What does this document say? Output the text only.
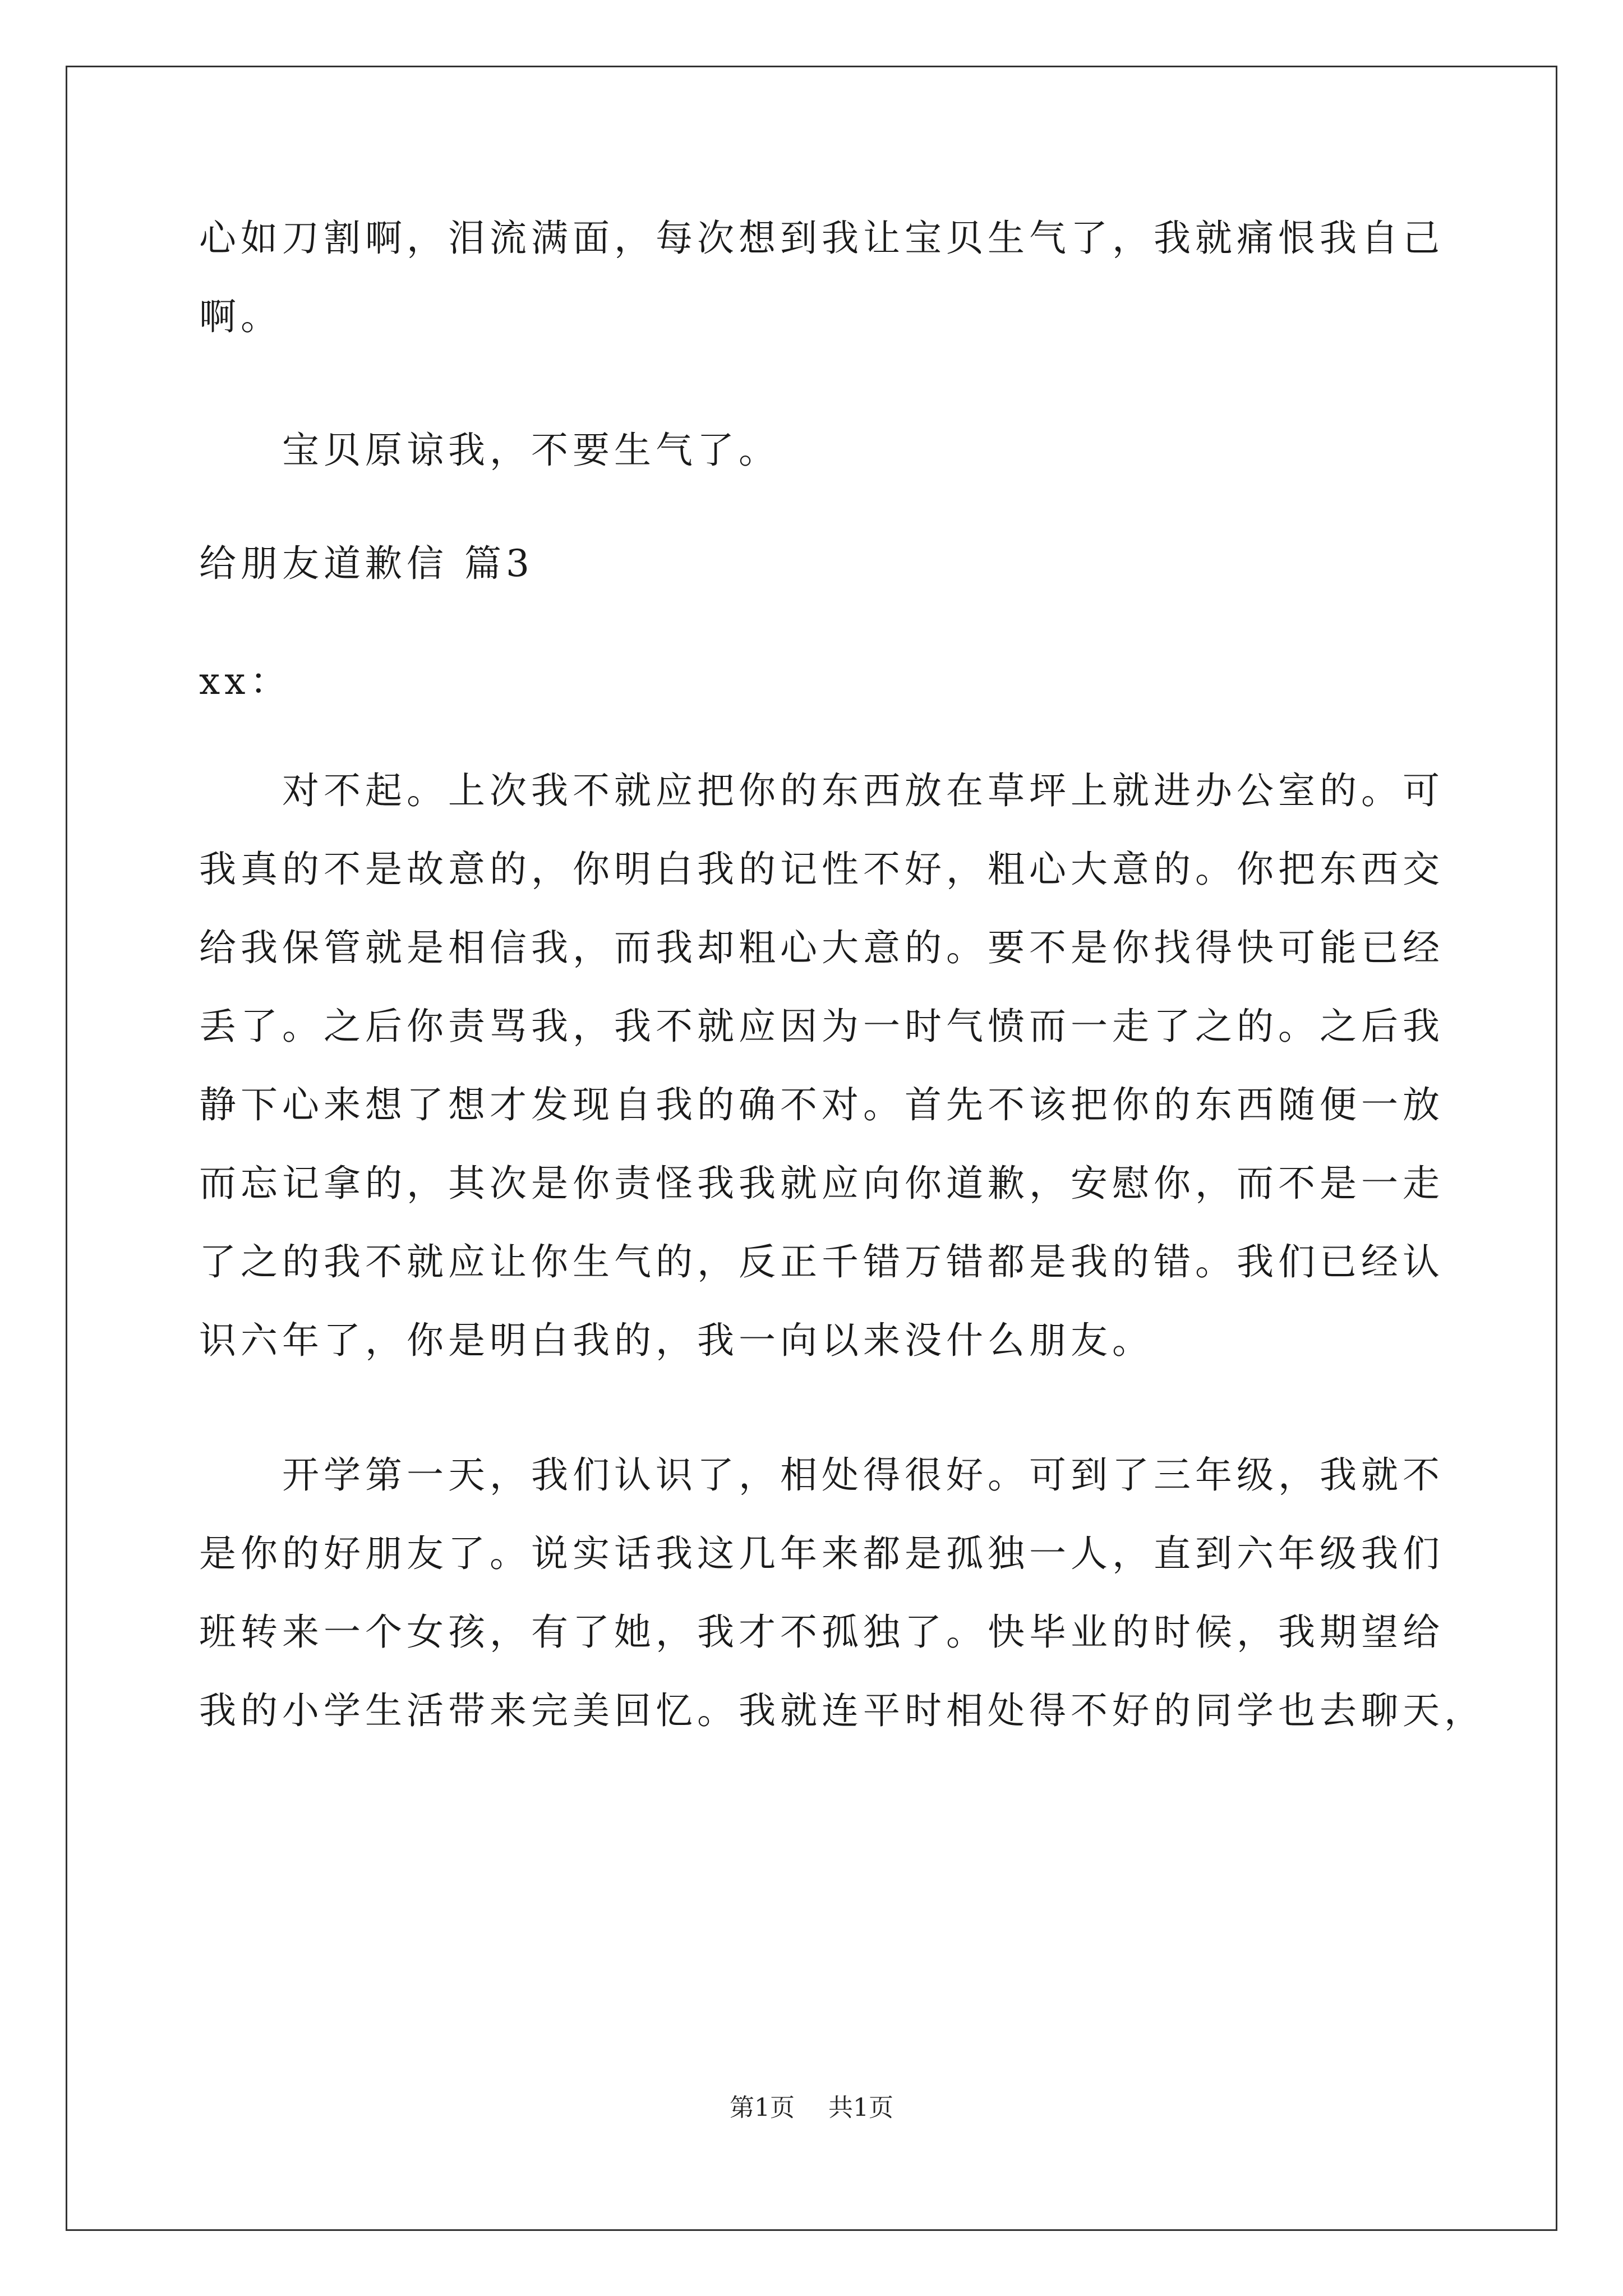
心如刀割啊，泪流满面，每次想到我让宝贝生气了，我就痛恨我自己
啊。
宝贝原谅我，不要生气了。
给朋友道歉信 篇3
xx：
对不起。上次我不就应把你的东西放在草坪上就进办公室的。可
我真的不是故意的，你明白我的记性不好，粗心大意的。你把东西交
给我保管就是相信我，而我却粗心大意的。要不是你找得快可能已经
丢了。之后你责骂我，我不就应因为一时气愤而一走了之的。之后我
静下心来想了想才发现自我的确不对。首先不该把你的东西随便一放
而忘记拿的，其次是你责怪我我就应向你道歉，安慰你，而不是一走
了之的我不就应让你生气的，反正千错万错都是我的错。我们已经认
识六年了，你是明白我的，我一向以来没什么朋友。
开学第一天，我们认识了，相处得很好。可到了三年级，我就不
是你的好朋友了。说实话我这几年来都是孤独一人，直到六年级我们
班转来一个女孩，有了她，我才不孤独了。快毕业的时候，我期望给
我的小学生活带来完美回忆。我就连平时相处得不好的同学也去聊天，
第1页 共1页
